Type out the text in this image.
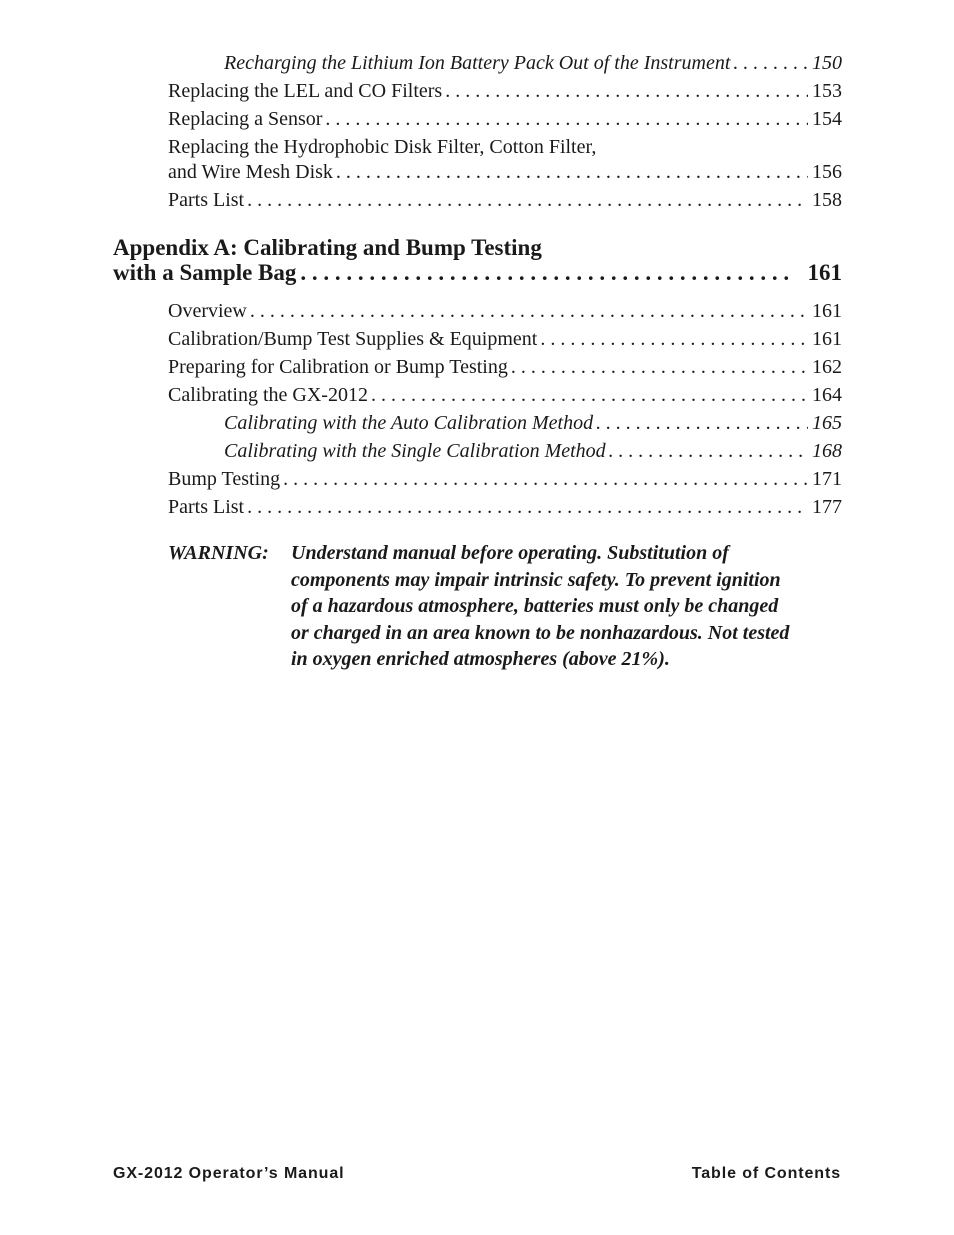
Recharging the Lithium Ion Battery Pack Out of the Instrument . . .	150
Replacing the LEL and CO Filters . . .	153
Replacing a Sensor . . .	154
Replacing the Hydrophobic Disk Filter, Cotton Filter,
and Wire Mesh Disk . . .	156
Parts List . . .	158
Appendix A: Calibrating and Bump Testing
with a Sample Bag . . .	161
Overview . . .	161
Calibration/Bump Test Supplies & Equipment . . .	161
Preparing for Calibration or Bump Testing . . .	162
Calibrating the GX-2012 . . .	164
Calibrating with the Auto Calibration Method . . .	165
Calibrating with the Single Calibration Method . . .	168
Bump Testing . . .	171
Parts List . . .	177
WARNING: Understand manual before operating. Substitution of
components may impair intrinsic safety. To prevent ignition
of a hazardous atmosphere, batteries must only be changed
or charged in an area known to be nonhazardous. Not tested
in oxygen enriched atmospheres (above 21%).
GX-2012 Operator’s Manual	Table of Contents
